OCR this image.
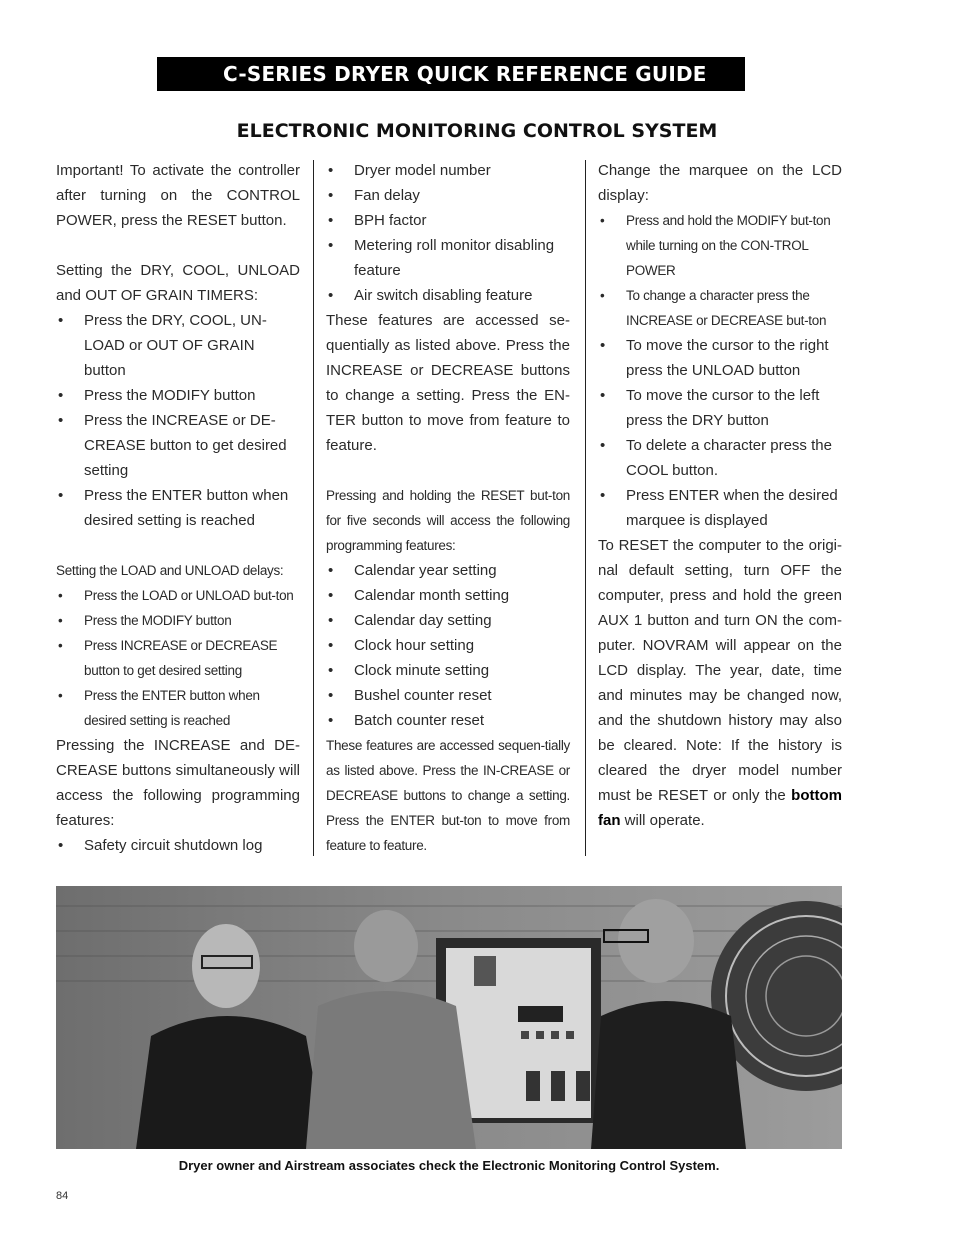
C-SERIES DRYER QUICK REFERENCE GUIDE
ELECTRONIC MONITORING CONTROL SYSTEM

Important! To activate the controller after turning on the CONTROL POWER, press the RESET button.

Setting the DRY, COOL, UNLOAD and OUT OF GRAIN TIMERS:

• Press the DRY, COOL, UN-LOAD or OUT OF GRAIN button
• Press the MODIFY button
• Press the INCREASE or DE-CREASE button to get desired setting
• Press the ENTER button when desired setting is reached

Setting the LOAD and UNLOAD delays:

• Press the LOAD or UNLOAD but-ton
• Press the MODIFY button
• Press INCREASE or DECREASE button to get desired setting
• Press the ENTER button when desired setting is reached

Pressing the INCREASE and DE-CREASE buttons simultaneously will access the following programming features:

• Safety circuit shutdown log
• Dryer model number
• Fan delay
• BPH factor
• Metering roll monitor disabling feature
• Air switch disabling feature

These features are accessed se-quentially as listed above. Press the INCREASE or DECREASE buttons to change a setting. Press the EN-TER button to move from feature to feature.

Pressing and holding the RESET but-ton for five seconds will access the following programming features:

• Calendar year setting
• Calendar month setting
• Calendar day setting
• Clock hour setting
• Clock minute setting
• Bushel counter reset
• Batch counter reset

These features are accessed sequen-tially as listed above. Press the IN-CREASE or DECREASE buttons to change a setting. Press the ENTER but-ton to move from feature to feature.

Change the marquee on the LCD display:

• Press and hold the MODIFY but-ton while turning on the CON-TROL POWER
• To change a character press the INCREASE or DECREASE but-ton
• To move the cursor to the right press the UNLOAD button
• To move the cursor to the left press the DRY button
• To delete a character press the COOL button.
• Press ENTER when the desired marquee is displayed

To RESET the computer to the origi-nal default setting, turn OFF the computer, press and hold the green AUX 1 button and turn ON the com-puter. NOVRAM will appear on the LCD display. The year, date, time and minutes may be changed now, and the shutdown history may also be cleared. Note: If the history is cleared the dryer model number must be RESET or only the bottom fan will operate.

Dryer owner and Airstream associates check the Electronic Monitoring Control System.
84
